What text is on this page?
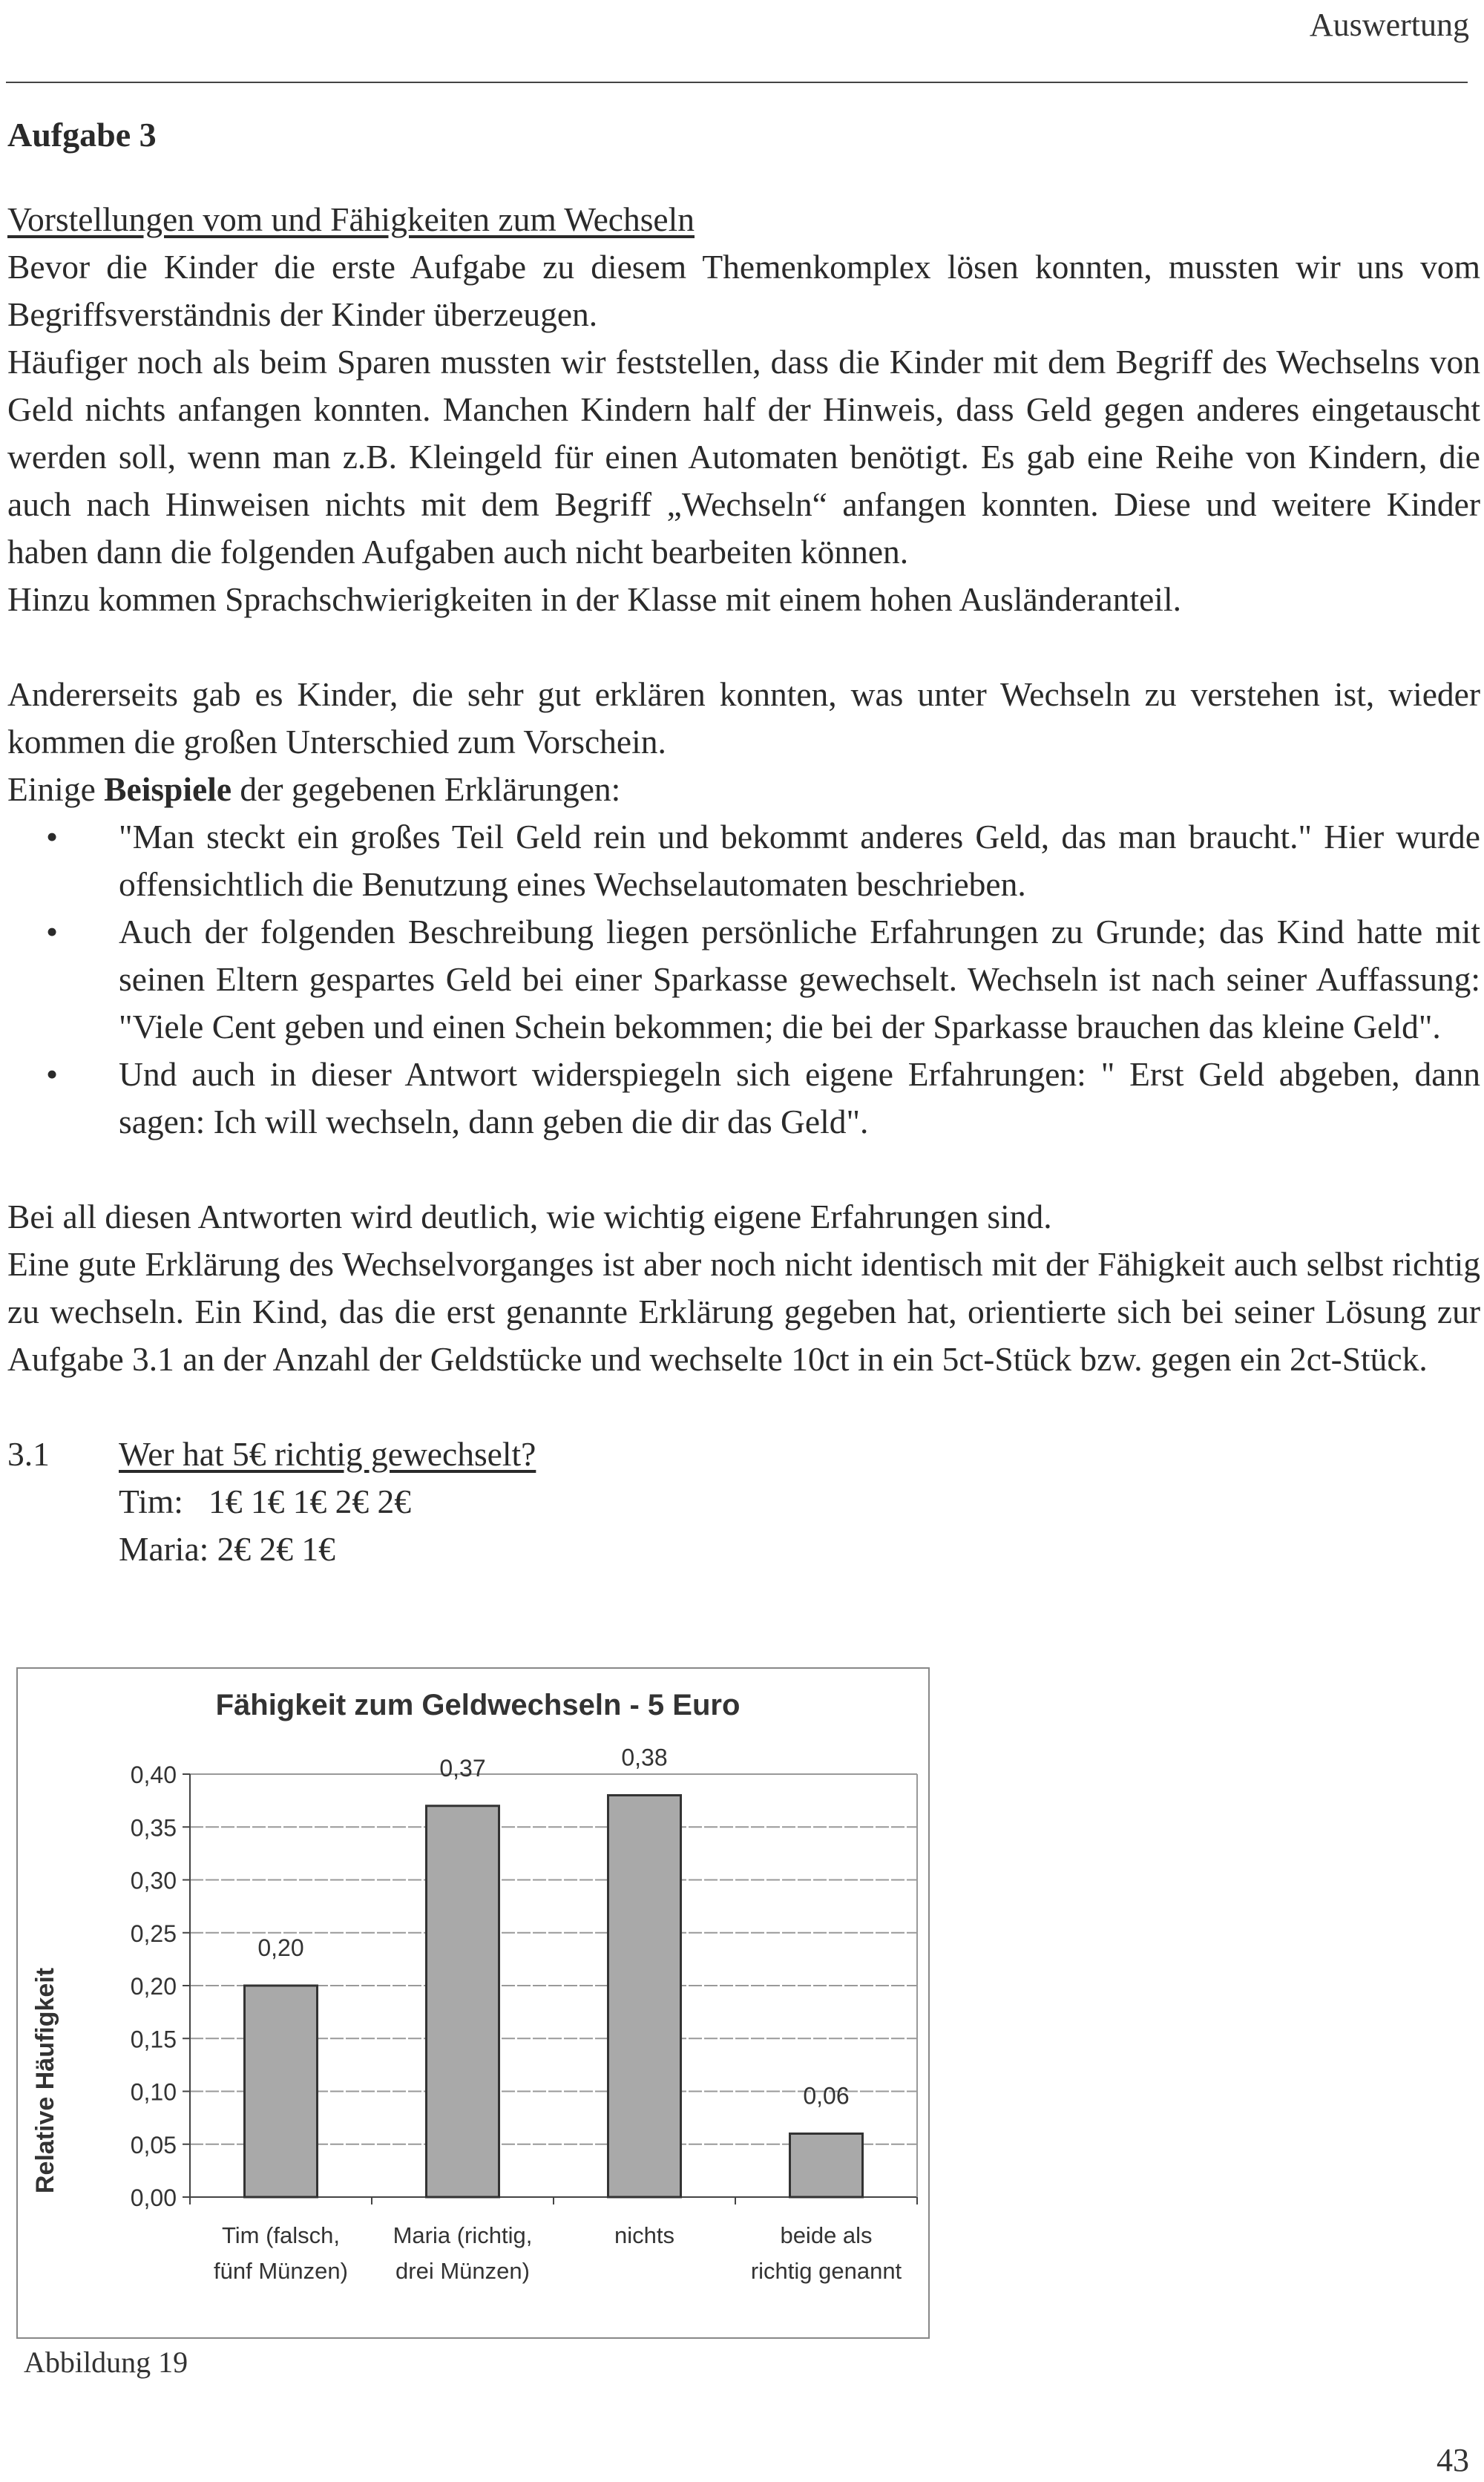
Auswertung
Aufgabe 3

Vorstellungen vom und Fähigkeiten zum Wechseln

Bevor die Kinder die erste Aufgabe zu diesem Themenkomplex lösen konnten, mussten wir uns vom Begriffsverständnis der Kinder überzeugen.

Häufiger noch als beim Sparen mussten wir feststellen, dass die Kinder mit dem Begriff des Wechselns von Geld nichts anfangen konnten. Manchen Kindern half der Hinweis, dass Geld gegen anderes eingetauscht werden soll, wenn man z.B. Kleingeld für einen Automaten benötigt. Es gab eine Reihe von Kindern, die auch nach Hinweisen nichts mit dem Begriff „Wechseln“ anfangen konnten. Diese und weitere Kinder haben dann die folgenden Aufgaben auch nicht bearbeiten können.

Hinzu kommen Sprachschwierigkeiten in der Klasse mit einem hohen Ausländeranteil.

Andererseits gab es Kinder, die sehr gut erklären konnten, was unter Wechseln zu verstehen ist, wieder kommen die großen Unterschied zum Vorschein.

Einige Beispiele der gegebenen Erklärungen:

• "Man steckt ein großes Teil Geld rein und bekommt anderes Geld, das man braucht." Hier wurde offensichtlich die Benutzung eines Wechselautomaten beschrieben.
• Auch der folgenden Beschreibung liegen persönliche Erfahrungen zu Grunde; das Kind hatte mit seinen Eltern gespartes Geld bei einer Sparkasse gewechselt. Wechseln ist nach seiner Auffassung: "Viele Cent geben und einen Schein bekommen; die bei der Sparkasse brauchen das kleine Geld".
• Und auch in dieser Antwort widerspiegeln sich eigene Erfahrungen: " Erst Geld abgeben, dann sagen: Ich will wechseln, dann geben die dir das Geld".

Bei all diesen Antworten wird deutlich, wie wichtig eigene Erfahrungen sind.

Eine gute Erklärung des Wechselvorganges ist aber noch nicht identisch mit der Fähigkeit auch selbst richtig zu wechseln. Ein Kind, das die erst genannte Erklärung gegeben hat, orientierte sich bei seiner Lösung zur Aufgabe 3.1 an der Anzahl der Geldstücke und wechselte 10ct in ein 5ct-Stück bzw. gegen ein 2ct-Stück.

3.1 Wer hat 5€ richtig gewechselt?
Tim: 1€ 1€ 1€ 2€ 2€
Maria: 2€ 2€ 1€
Fähigkeit zum Geldwechseln - 5 Euro
Relative Häufigkeit
0,00
0,05
0,10
0,15
0,20
0,25
0,30
0,35
0,40
0,20
0,37	0,38
0,06
Tim (falsch,
fünf Münzen)
Maria (richtig,
drei Münzen)
nichts	beide als
richtig genannt
Abbildung 19
43
